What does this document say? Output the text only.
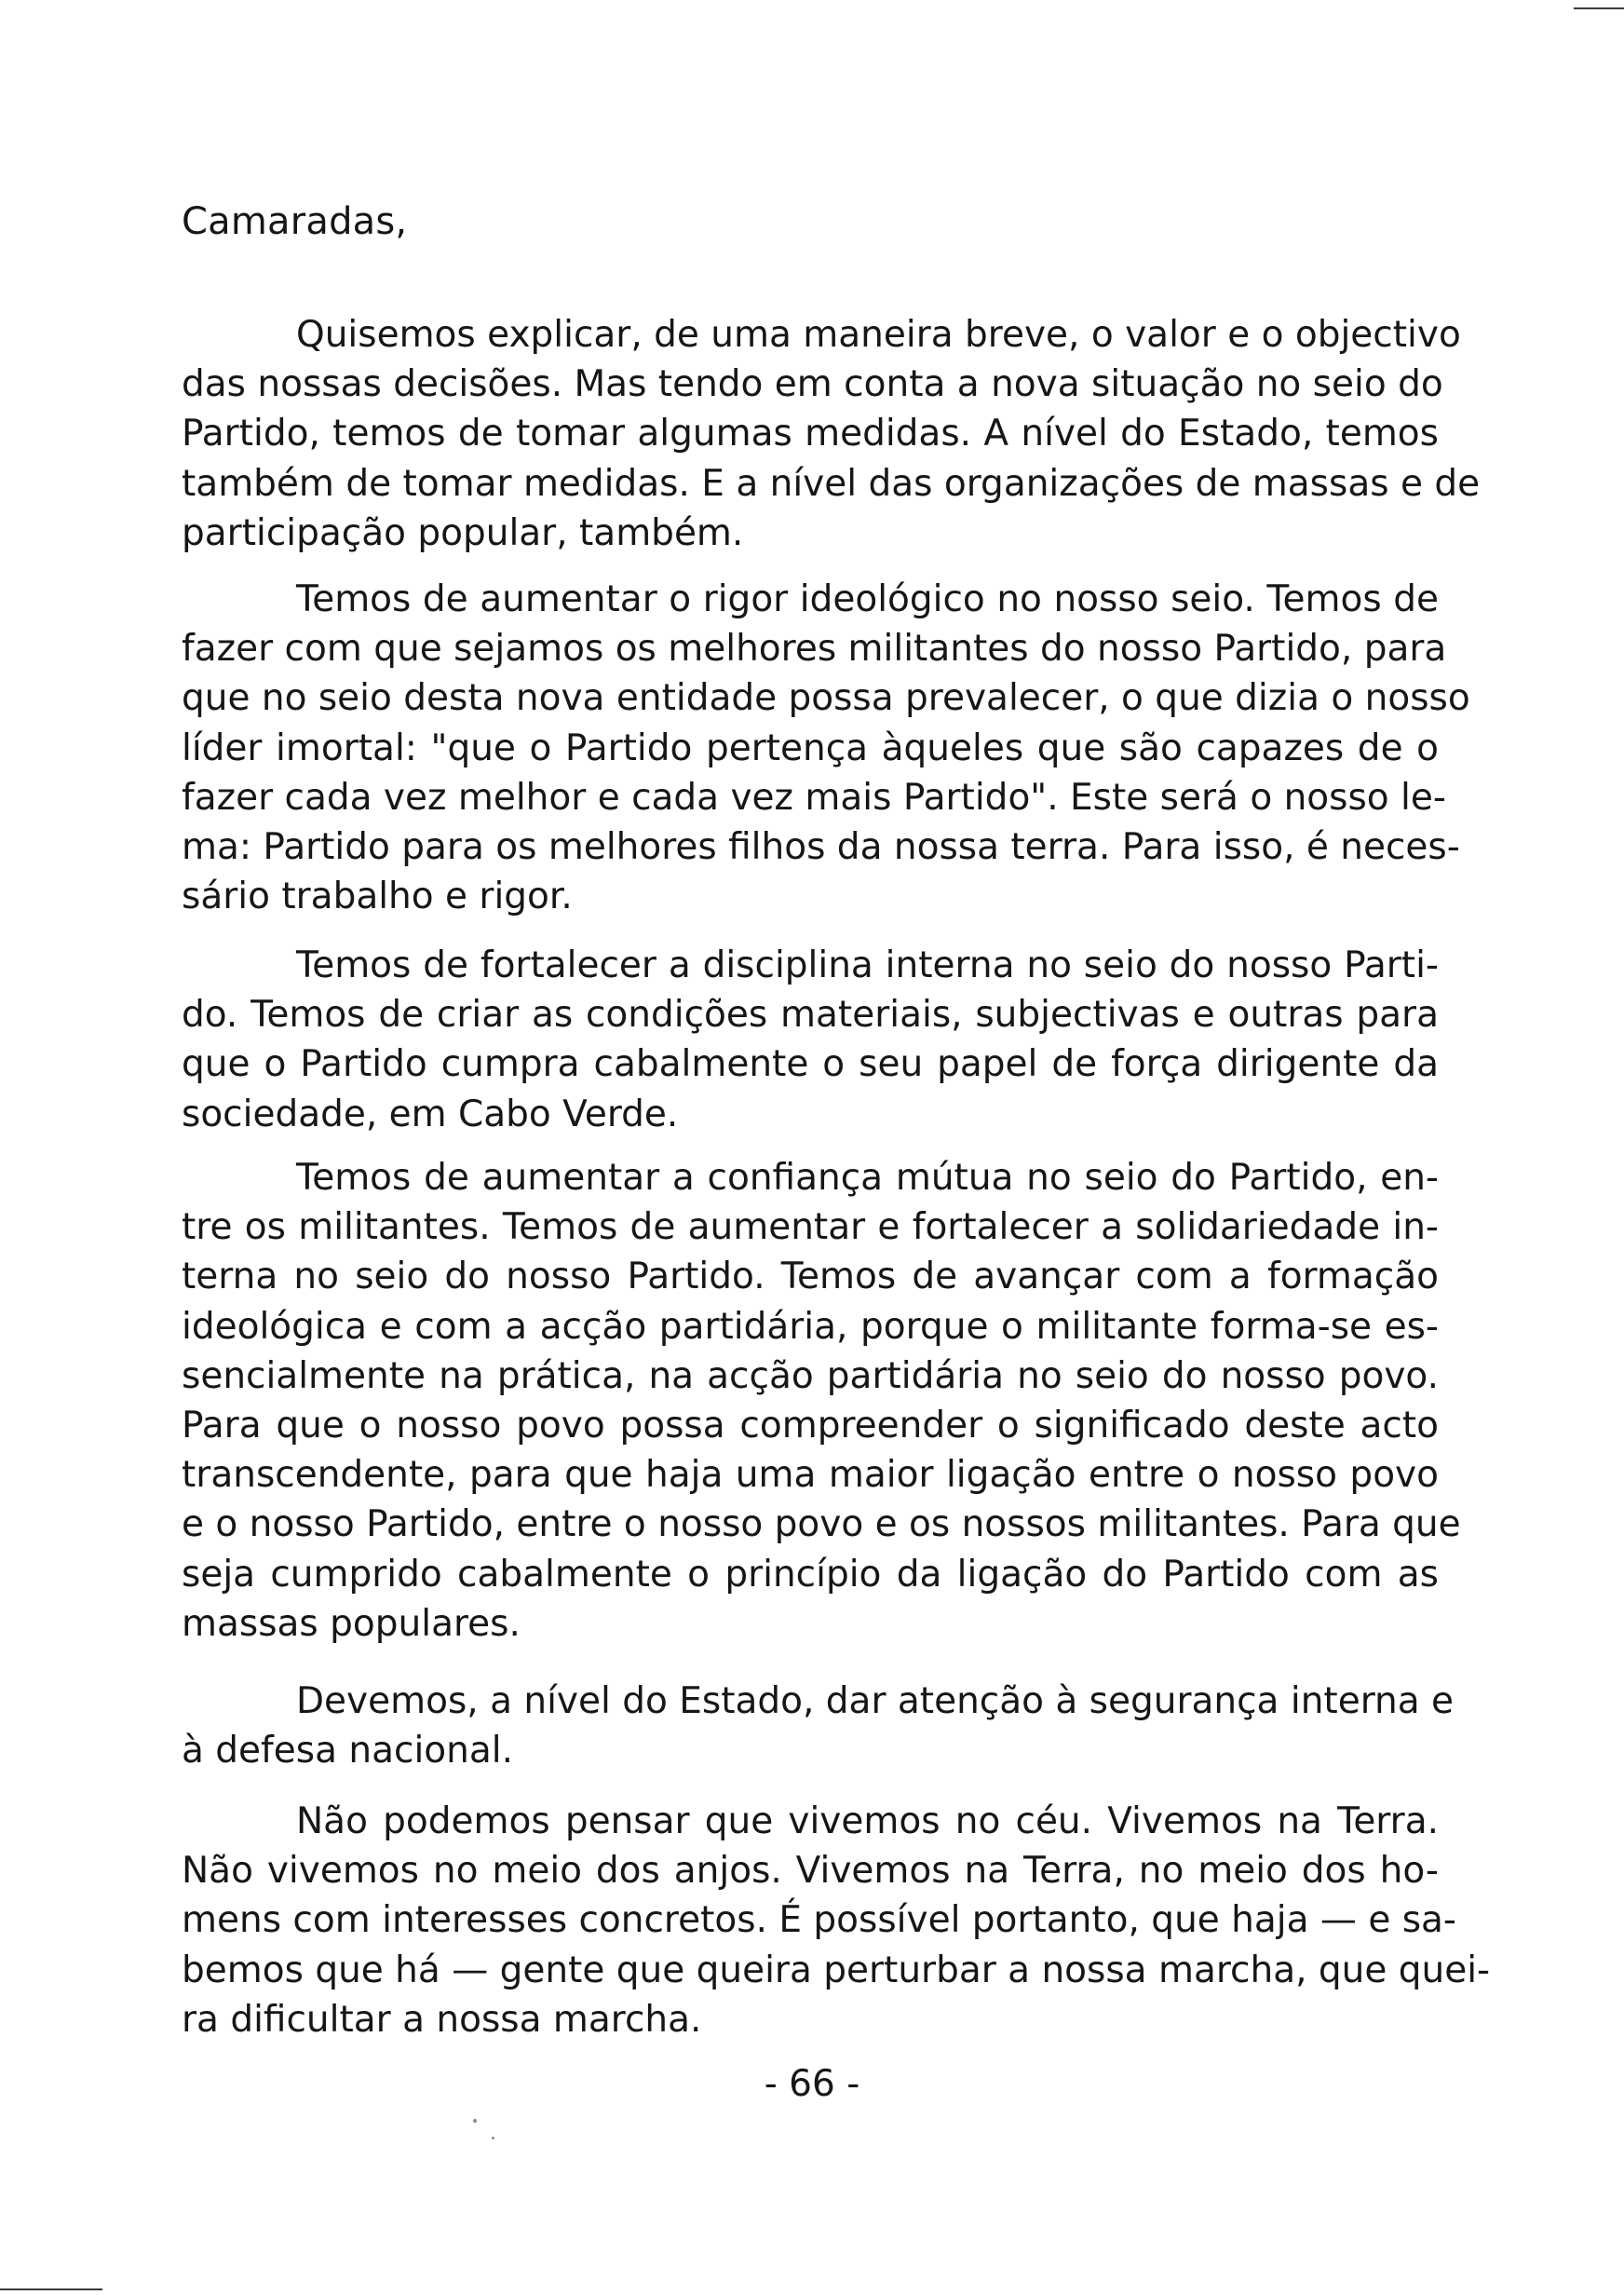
Camaradas,

Quisemos explicar, de uma maneira breve, o valor e o objectivo
das nossas decisões. Mas tendo em conta a nova situação no seio do
Partido, temos de tomar algumas medidas. A nível do Estado, temos
também de tomar medidas. E a nível das organizações de massas e de
participação popular, também.
Temos de aumentar o rigor ideológico no nosso seio. Temos de
fazer com que sejamos os melhores militantes do nosso Partido, para
que no seio desta nova entidade possa prevalecer, o que dizia o nosso
líder imortal: "que o Partido pertença àqueles que são capazes de o
fazer cada vez melhor e cada vez mais Partido". Este será o nosso le-
ma: Partido para os melhores filhos da nossa terra. Para isso, é neces-
sário trabalho e rigor.
Temos de fortalecer a disciplina interna no seio do nosso Parti-
do. Temos de criar as condições materiais, subjectivas e outras para
que o Partido cumpra cabalmente o seu papel de força dirigente da
sociedade, em Cabo Verde.
Temos de aumentar a confiança mútua no seio do Partido, en-
tre os militantes. Temos de aumentar e fortalecer a solidariedade in-
terna no seio do nosso Partido. Temos de avançar com a formação
ideológica e com a acção partidária, porque o militante forma-se es-
sencialmente na prática, na acção partidária no seio do nosso povo.
Para que o nosso povo possa compreender o significado deste acto
transcendente, para que haja uma maior ligação entre o nosso povo
e o nosso Partido, entre o nosso povo e os nossos militantes. Para que
seja cumprido cabalmente o princípio da ligação do Partido com as
massas populares.
Devemos, a nível do Estado, dar atenção à segurança interna e
à defesa nacional.
Não podemos pensar que vivemos no céu. Vivemos na Terra.
Não vivemos no meio dos anjos. Vivemos na Terra, no meio dos ho-
mens com interesses concretos. É possível portanto, que haja — e sa-
bemos que há — gente que queira perturbar a nossa marcha, que quei-
ra dificultar a nossa marcha.

- 66 -
